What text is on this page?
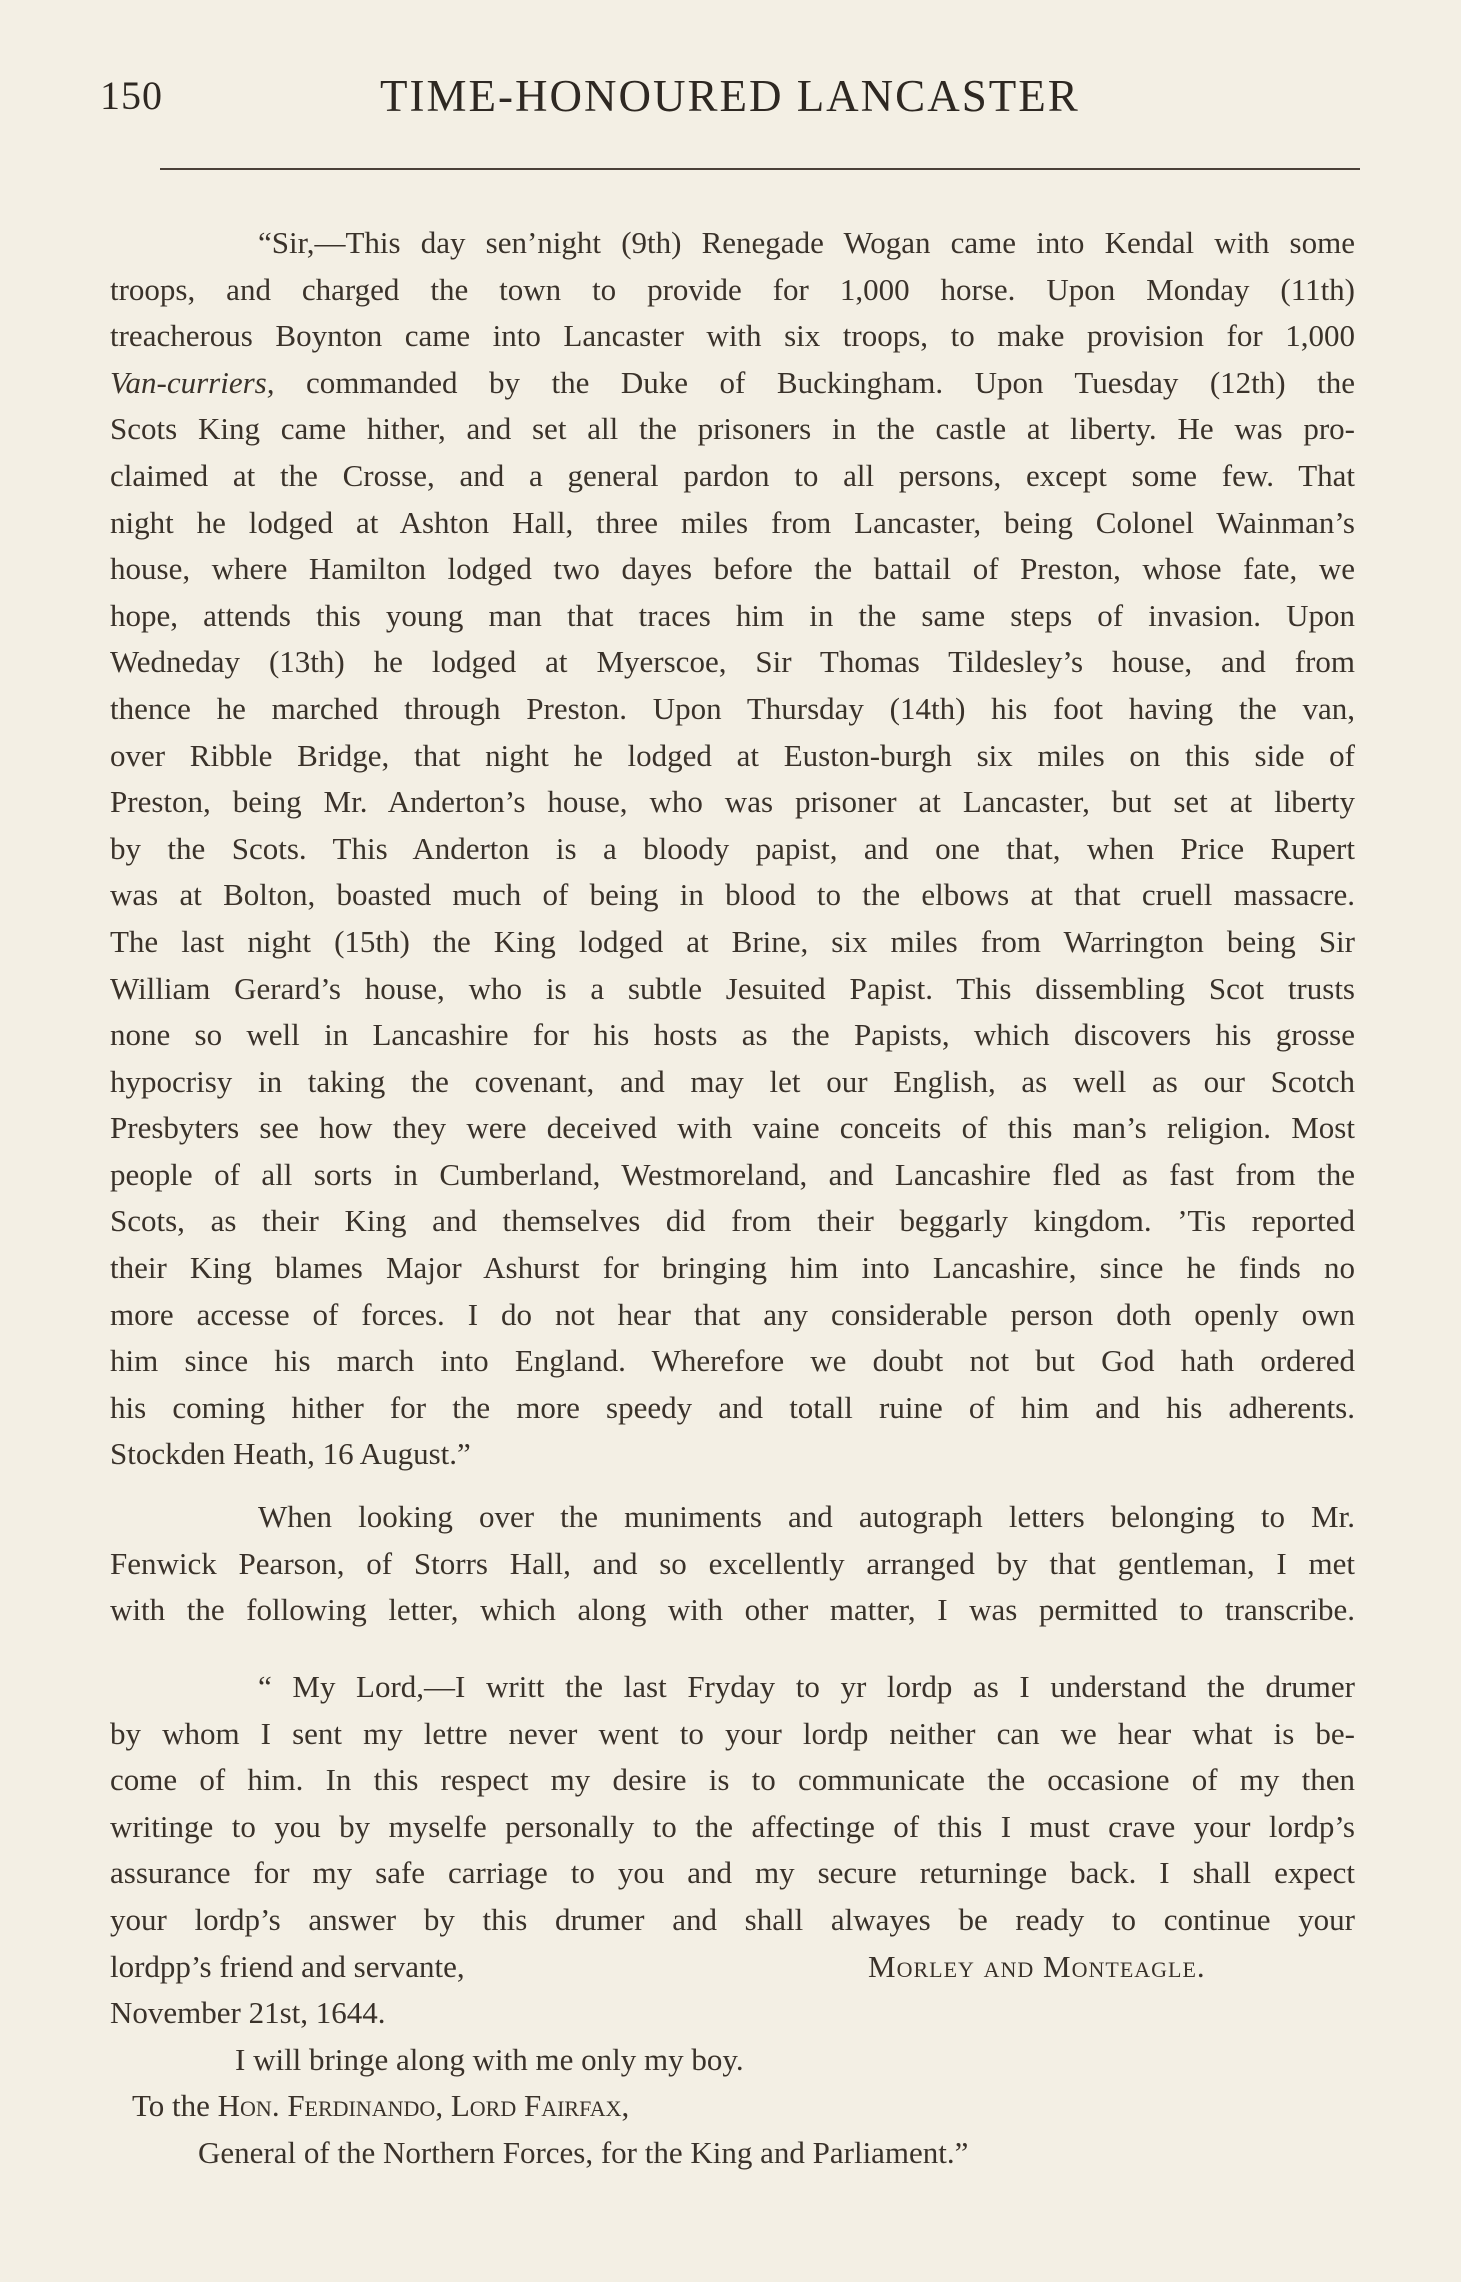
150	TIME-HONOURED LANCASTER
“Sir,—This day sen’night (9th) Renegade Wogan came into Kendal with some
troops, and charged the town to provide for 1,000 horse. Upon Monday (11th)
treacherous Boynton came into Lancaster with six troops, to make provision for 1,000
Van-curriers, commanded by the Duke of Buckingham. Upon Tuesday (12th) the
Scots King came hither, and set all the prisoners in the castle at liberty. He was pro-
claimed at the Crosse, and a general pardon to all persons, except some few. That
night he lodged at Ashton Hall, three miles from Lancaster, being Colonel Wainman’s
house, where Hamilton lodged two dayes before the battail of Preston, whose fate, we
hope, attends this young man that traces him in the same steps of invasion. Upon
Wedneday (13th) he lodged at Myerscoe, Sir Thomas Tildesley’s house, and from
thence he marched through Preston. Upon Thursday (14th) his foot having the van,
over Ribble Bridge, that night he lodged at Euston-burgh six miles on this side of
Preston, being Mr. Anderton’s house, who was prisoner at Lancaster, but set at liberty
by the Scots. This Anderton is a bloody papist, and one that, when Price Rupert
was at Bolton, boasted much of being in blood to the elbows at that cruell massacre.
The last night (15th) the King lodged at Brine, six miles from Warrington being Sir
William Gerard’s house, who is a subtle Jesuited Papist. This dissembling Scot trusts
none so well in Lancashire for his hosts as the Papists, which discovers his grosse
hypocrisy in taking the covenant, and may let our English, as well as our Scotch
Presbyters see how they were deceived with vaine conceits of this man’s religion. Most
people of all sorts in Cumberland, Westmoreland, and Lancashire fled as fast from the
Scots, as their King and themselves did from their beggarly kingdom. ’Tis reported
their King blames Major Ashurst for bringing him into Lancashire, since he finds no
more accesse of forces. I do not hear that any considerable person doth openly own
him since his march into England. Wherefore we doubt not but God hath ordered
his coming hither for the more speedy and totall ruine of him and his adherents.
Stockden Heath, 16 August.”
When looking over the muniments and autograph letters belonging to Mr.
Fenwick Pearson, of Storrs Hall, and so excellently arranged by that gentleman, I met
with the following letter, which along with other matter, I was permitted to transcribe.
“ My Lord,—I writt the last Fryday to yr lordp as I understand the drumer
by whom I sent my lettre never went to your lordp neither can we hear what is be-
come of him. In this respect my desire is to communicate the occasione of my then
writinge to you by myselfe personally to the affectinge of this I must crave your lordp’s
assurance for my safe carriage to you and my secure returninge back. I shall expect
your lordp’s answer by this drumer and shall alwayes be ready to continue your
lordpp’s friend and servante,	Morley and Monteagle.
November 21st, 1644.
I will bringe along with me only my boy.
To the Hon. Ferdinando, Lord Fairfax,
General of the Northern Forces, for the King and Parliament.”
